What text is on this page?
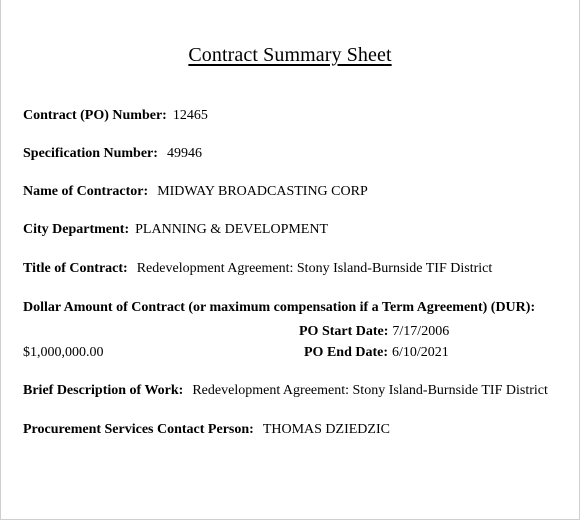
Contract Summary Sheet
Contract (PO) Number: 12465
Specification Number: 49946
Name of Contractor: MIDWAY BROADCASTING CORP
City Department: PLANNING & DEVELOPMENT
Title of Contract: Redevelopment Agreement: Stony Island-Burnside TIF District
Dollar Amount of Contract (or maximum compensation if a Term Agreement) (DUR):
PO Start Date: 7/17/2006
$1,000,000.00	PO End Date: 6/10/2021
Brief Description of Work: Redevelopment Agreement: Stony Island-Burnside TIF District
Procurement Services Contact Person: THOMAS DZIEDZIC
